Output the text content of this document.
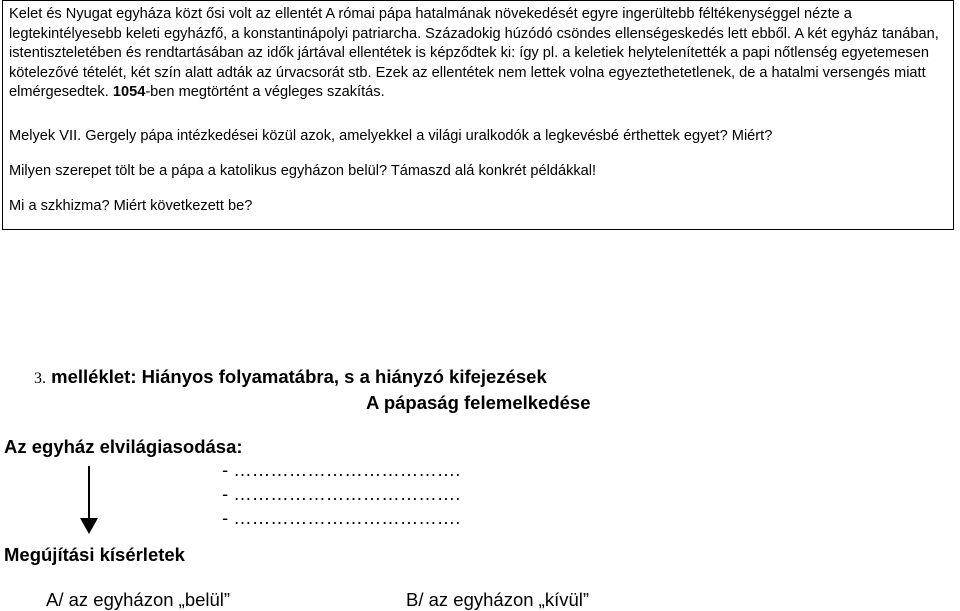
Kelet és Nyugat egyháza közt ősi volt az ellentét A római pápa hatalmának növekedését egyre ingerültebb féltékenységgel nézte a legtekintélyesebb keleti egyházfő, a konstantinápolyi patriarcha. Századokig húzódó csöndes ellenségeskedés lett ebből. A két egyház tanában, istentiszteletében és rendtartásában az idők jártával ellentétek is képződtek ki: így pl. a keletiek helytelenítették a papi nőtlenség egyetemesen kötelezővé tételét, két szín alatt adták az úrvacsorát stb. Ezek az ellentétek nem lettek volna egyeztethetetlenek, de a hatalmi versengés miatt elmérgesedtek. 1054-ben megtörtént a végleges szakítás.

Melyek VII. Gergely pápa intézkedései közül azok, amelyekkel a világi uralkodók a legkevésbé érthettek egyet? Miért?

Milyen szerepet tölt be a pápa a katolikus egyházon belül? Támaszd alá konkrét példákkal!

Mi a szkhizma? Miért következett be?

3. melléklet: Hiányos folyamatábra, s a hiányzó kifejezések
A pápaság felemelkedése
Az egyház elvilágiasodása:
- ……………………………….
- ……………………………….
- ……………………………….
Megújítási kísérletek
A/ az egyházon „belül”	B/ az egyházon „kívül”
